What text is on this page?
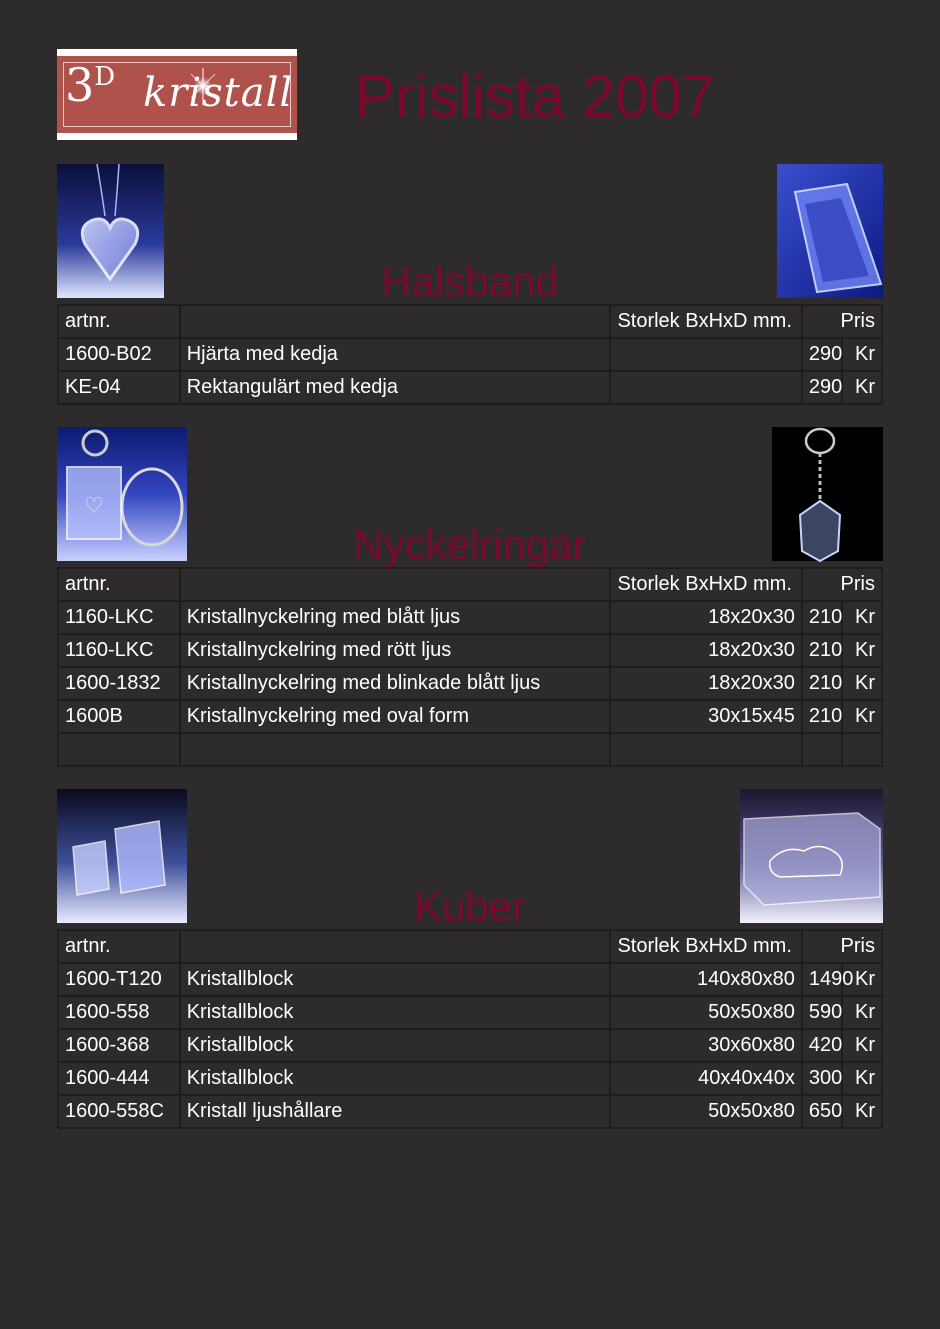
$3^D$ kristall Prislista 2007
Halsband
artnr.		Storlek BxHxD mm.	Pris	
1600-B02	Hjärta med kedja		290	Kr
KE-04	Rektangulärt med kedja		290	Kr
♡
Nyckelringar
artnr.		Storlek BxHxD mm.	Pris	
1160-LKC	Kristallnyckelring med blått ljus	18x20x30	210	Kr
1160-LKC	Kristallnyckelring med rött ljus	18x20x30	210	Kr
1600-1832	Kristallnyckelring med blinkade blått ljus	18x20x30	210	Kr
1600B	Kristallnyckelring med oval form	30x15x45	210	Kr

Kuber
artnr.		Storlek BxHxD mm.	Pris	
1600-T120	Kristallblock	140x80x80	1490	Kr
1600-558	Kristallblock	50x50x80	590	Kr
1600-368	Kristallblock	30x60x80	420	Kr
1600-444	Kristallblock	40x40x40x	300	Kr
1600-558C	Kristall ljushållare	50x50x80	650	Kr
